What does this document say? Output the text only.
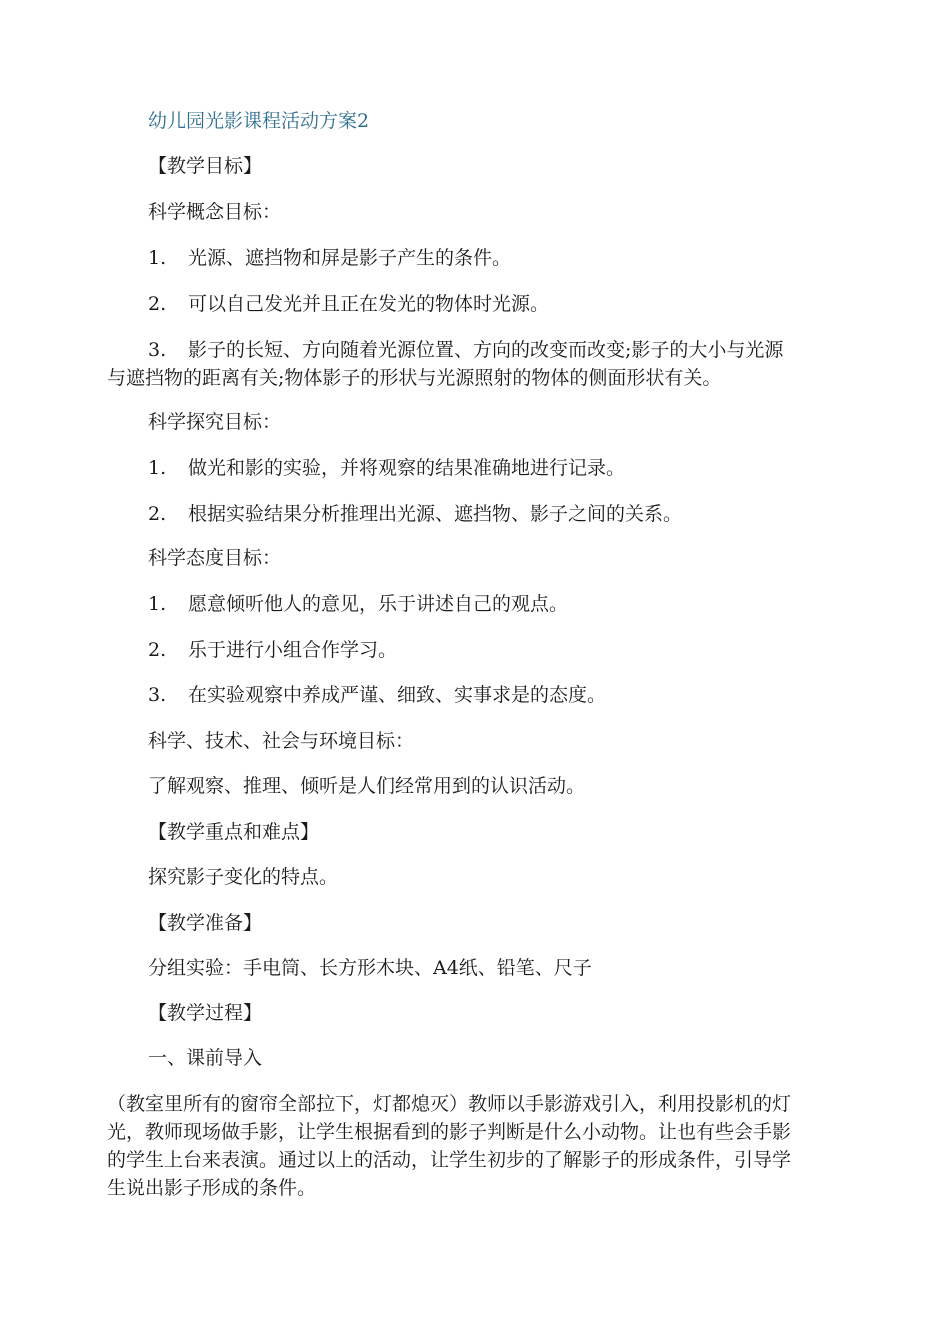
幼儿园光影课程活动方案2
【教学目标】
科学概念目标：
1. 光源、遮挡物和屏是影子产生的条件。
2. 可以自己发光并且正在发光的物体时光源。
3. 影子的长短、方向随着光源位置、方向的改变而改变;影子的大小与光源
与遮挡物的距离有关;物体影子的形状与光源照射的物体的侧面形状有关。
科学探究目标：
1. 做光和影的实验，并将观察的结果准确地进行记录。
2. 根据实验结果分析推理出光源、遮挡物、影子之间的关系。
科学态度目标：
1. 愿意倾听他人的意见，乐于讲述自己的观点。
2. 乐于进行小组合作学习。
3. 在实验观察中养成严谨、细致、实事求是的态度。
科学、技术、社会与环境目标：
了解观察、推理、倾听是人们经常用到的认识活动。
【教学重点和难点】
探究影子变化的特点。
【教学准备】
分组实验：手电筒、长方形木块、A4纸、铅笔、尺子
【教学过程】
一、课前导入
（教室里所有的窗帘全部拉下，灯都熄灭）教师以手影游戏引入，利用投影机的灯
光，教师现场做手影，让学生根据看到的影子判断是什么小动物。让也有些会手影
的学生上台来表演。通过以上的活动，让学生初步的了解影子的形成条件，引导学
生说出影子形成的条件。
